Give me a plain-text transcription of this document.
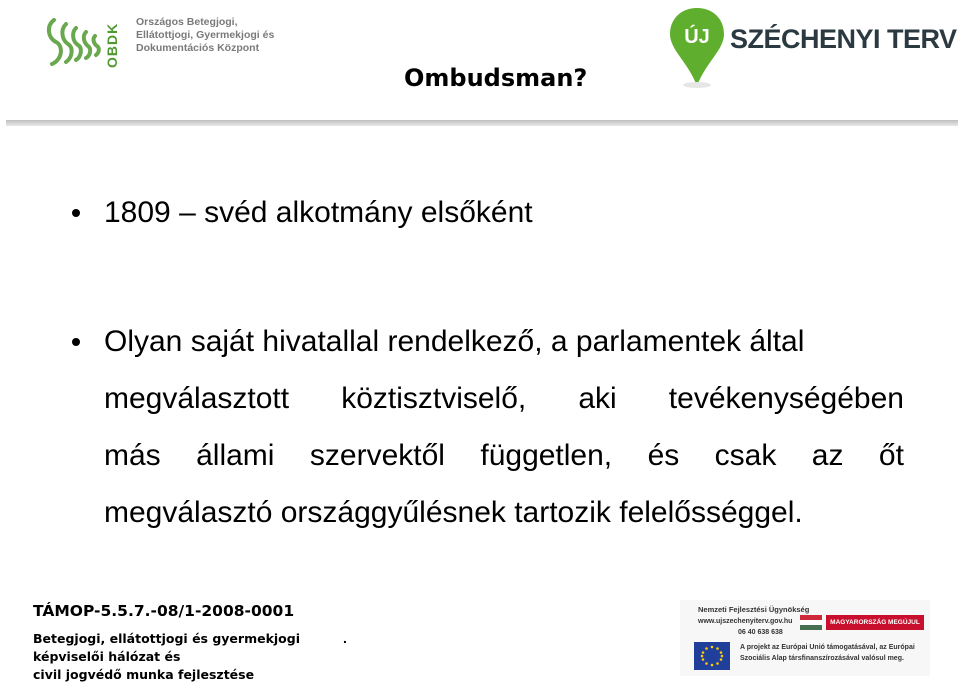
OBDK
Országos Betegjogi,
Ellátottjogi, Gyermekjogi és
Dokumentációs Központ	ÚJ SZÉCHENYI TERV
Ombudsman?
1809 – svéd alkotmány elsőként
Olyan saját hivatallal rendelkező, a parlamentek által
megválasztott köztisztviselő, aki tevékenységében
más állami szervektől független, és csak az őt
megválasztó országgyűlésnek tartozik felelősséggel.
TÁMOP-5.5.7.-08/1-2008-0001
Betegjogi, ellátottjogi és gyermekjogi
képviselői hálózat és
civil jogvédő munka fejlesztése
.
Nemzeti Fejlesztési Ügynökség
www.ujszechenyiterv.gov.hu
06 40 638 638
MAGYARORSZÁG MEGÚJUL
A projekt az Európai Unió támogatásával, az Európai
Szociális Alap társfinanszírozásával valósul meg.
